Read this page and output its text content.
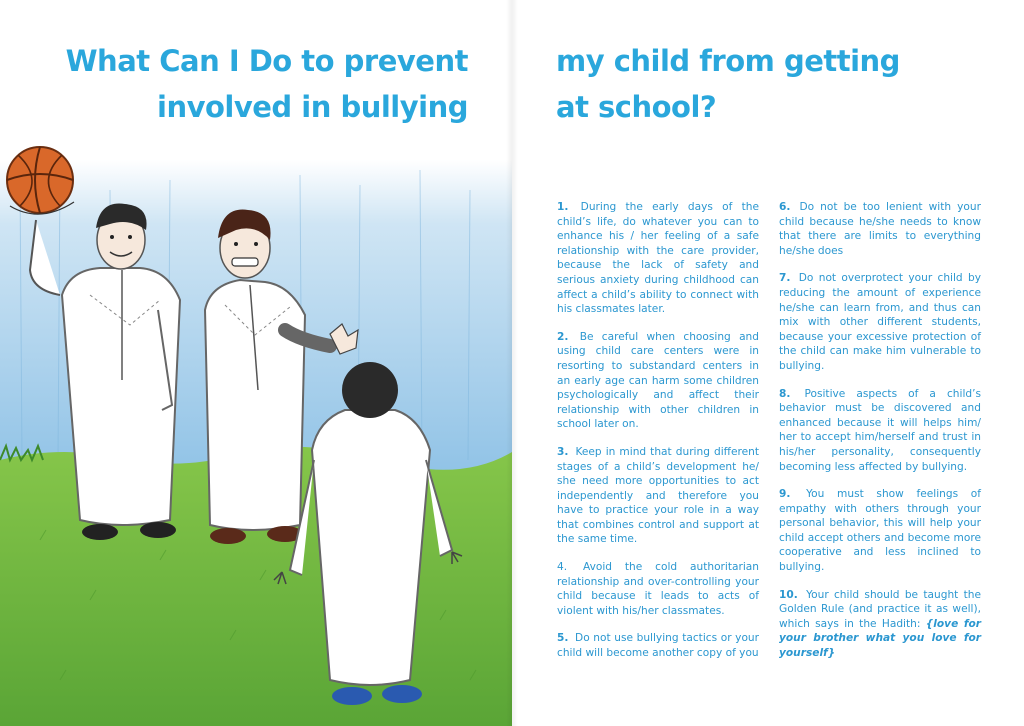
What Can I Do to prevent
involved in bullying
my child from getting
at school?

1. During the early days of the child’s life, do whatever you can to enhance his / her feeling of a safe relationship with the care provider, because the lack of safety and serious anxiety during childhood can affect a child’s ability to connect with his classmates later.

2. Be careful when choosing and using child care centers were in resorting to substandard centers in an early age can harm some children psychologically and affect their relationship with other children in school later on.

3. Keep in mind that during different stages of a child’s development he/ she need more opportunities to act independently and therefore you have to practice your role in a way that combines control and support at the same time.

4. Avoid the cold authoritarian relationship and over-controlling your child because it leads to acts of violent with his/her classmates.

5. Do not use bullying tactics or your child will become another copy of you

6. Do not be too lenient with your child because he/she needs to know that there are limits to everything he/she does

7. Do not overprotect your child by reducing the amount of experience he/she can learn from, and thus can mix with other different students, because your excessive protection of the child can make him vulnerable to bullying.

8. Positive aspects of a child’s behavior must be discovered and enhanced because it will helps him/ her to accept him/herself and trust in his/her personality, consequently becoming less affected by bullying.

9. You must show feelings of empathy with others through your personal behavior, this will help your child accept others and become more cooperative and less inclined to bullying.

10. Your child should be taught the Golden Rule (and practice it as well), which says in the Hadith: {love for your brother what you love for yourself}
